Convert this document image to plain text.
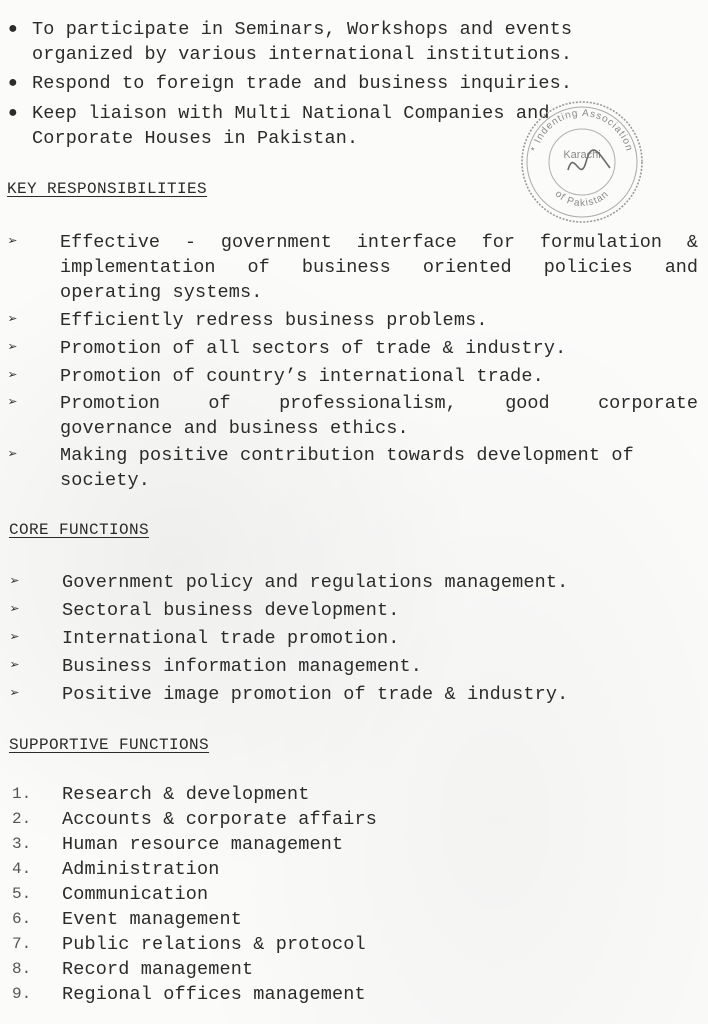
● To participate in Seminars, Workshops and events
organized by various international institutions.
● Respond to foreign trade and business inquiries.
● Keep liaison with Multi National Companies and
Corporate Houses in Pakistan.
* Indenting Association
of Pakistan
Karachi
KEY RESPONSIBILITIES
➢ Effective - government interface for formulation &
implementation of business oriented policies and
operating systems.
➢ Efficiently redress business problems.
➢ Promotion of all sectors of trade & industry.
➢ Promotion of country’s international trade.
➢ Promotion of professionalism, good corporate
governance and business ethics.
➢ Making positive contribution towards development of
society.
CORE FUNCTIONS
➢ Government policy and regulations management.
➢ Sectoral business development.
➢ International trade promotion.
➢ Business information management.
➢ Positive image promotion of trade & industry.
SUPPORTIVE FUNCTIONS
1. Research & development
2. Accounts & corporate affairs
3. Human resource management
4. Administration
5. Communication
6. Event management
7. Public relations & protocol
8. Record management
9. Regional offices management
